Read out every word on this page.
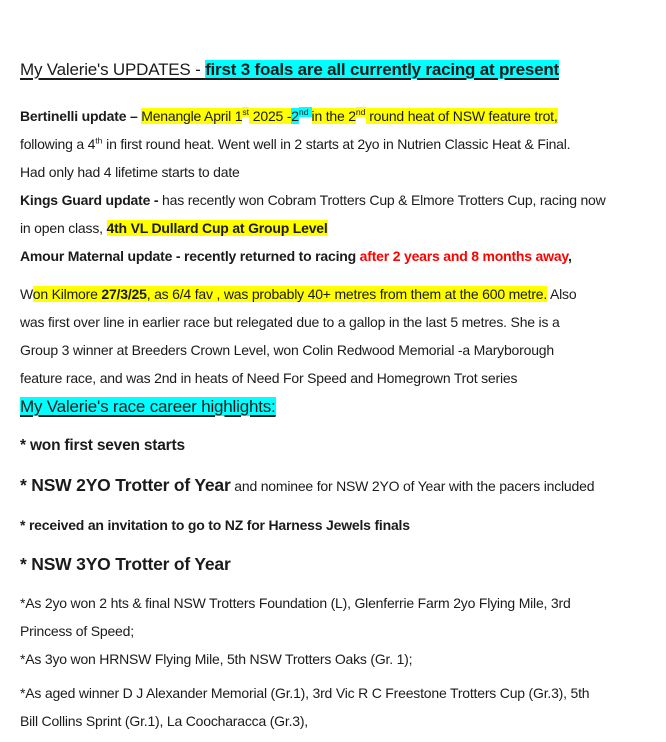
My Valerie's UPDATES - first 3 foals are all currently racing at present

Bertinelli update – Menangle April 1st 2025 -2nd in the 2nd round heat of NSW feature trot,
following a 4th in first round heat. Went well in 2 starts at 2yo in Nutrien Classic Heat & Final.
Had only had 4 lifetime starts to date

Kings Guard update - has recently won Cobram Trotters Cup & Elmore Trotters Cup, racing now
in open class, 4th VL Dullard Cup at Group Level

Amour Maternal update - recently returned to racing after 2 years and 8 months away,

Won Kilmore 27/3/25, as 6/4 fav , was probably 40+ metres from them at the 600 metre. Also
was first over line in earlier race but relegated due to a gallop in the last 5 metres. She is a
Group 3 winner at Breeders Crown Level, won Colin Redwood Memorial -a Maryborough
feature race, and was 2nd in heats of Need For Speed and Homegrown Trot series

My Valerie's race career highlights:

* won first seven starts

* NSW 2YO Trotter of Year and nominee for NSW 2YO of Year with the pacers included

* received an invitation to go to NZ for Harness Jewels finals

* NSW 3YO Trotter of Year

*As 2yo won 2 hts & final NSW Trotters Foundation (L), Glenferrie Farm 2yo Flying Mile, 3rd
Princess of Speed;

*As 3yo won HRNSW Flying Mile, 5th NSW Trotters Oaks (Gr. 1);

*As aged winner D J Alexander Memorial (Gr.1), 3rd Vic R C Freestone Trotters Cup (Gr.3), 5th
Bill Collins Sprint (Gr.1), La Coocharacca (Gr.3),
